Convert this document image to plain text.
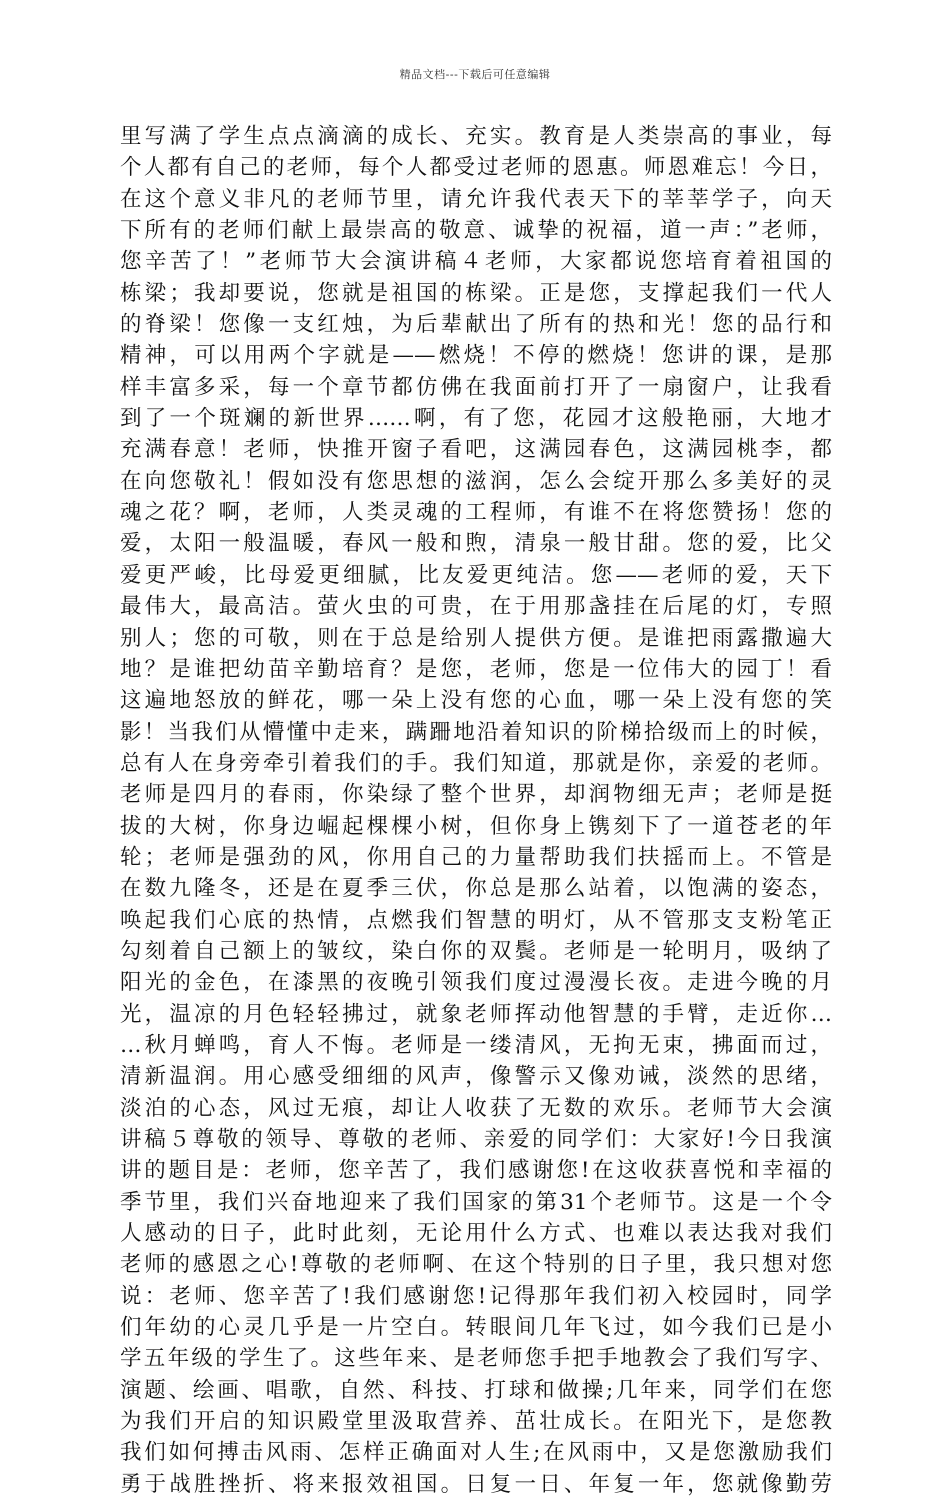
精品文档---下载后可任意编辑
里写满了学生点点滴滴的成长、充实。教育是人类崇高的事业，每
个人都有自己的老师，每个人都受过老师的恩惠。师恩难忘！今日，
在这个意义非凡的老师节里，请允许我代表天下的莘莘学子，向天
下所有的老师们献上最崇高的敬意、诚挚的祝福，道一声：”老师，
您辛苦了！”老师节大会演讲稿４老师，大家都说您培育着祖国的
栋梁；我却要说，您就是祖国的栋梁。正是您，支撑起我们一代人
的脊梁！您像一支红烛，为后辈献出了所有的热和光！您的品行和
精神，可以用两个字就是——燃烧！不停的燃烧！您讲的课，是那
样丰富多采，每一个章节都仿佛在我面前打开了一扇窗户，让我看
到了一个斑斓的新世界……啊，有了您，花园才这般艳丽，大地才
充满春意！老师，快推开窗子看吧，这满园春色，这满园桃李，都
在向您敬礼！假如没有您思想的滋润，怎么会绽开那么多美好的灵
魂之花？啊，老师，人类灵魂的工程师，有谁不在将您赞扬！您的
爱，太阳一般温暖，春风一般和煦，清泉一般甘甜。您的爱，比父
爱更严峻，比母爱更细腻，比友爱更纯洁。您——老师的爱，天下
最伟大，最高洁。萤火虫的可贵，在于用那盏挂在后尾的灯，专照
别人；您的可敬，则在于总是给别人提供方便。是谁把雨露撒遍大
地？是谁把幼苗辛勤培育？是您，老师，您是一位伟大的园丁！看
这遍地怒放的鲜花，哪一朵上没有您的心血，哪一朵上没有您的笑
影！当我们从懵懂中走来，蹒跚地沿着知识的阶梯拾级而上的时候，
总有人在身旁牵引着我们的手。我们知道，那就是你，亲爱的老师。
老师是四月的春雨，你染绿了整个世界，却润物细无声；老师是挺
拔的大树，你身边崛起棵棵小树，但你身上镌刻下了一道苍老的年
轮；老师是强劲的风，你用自己的力量帮助我们扶摇而上。不管是
在数九隆冬，还是在夏季三伏，你总是那么站着，以饱满的姿态，
唤起我们心底的热情，点燃我们智慧的明灯，从不管那支支粉笔正
勾刻着自己额上的皱纹，染白你的双鬓。老师是一轮明月，吸纳了
阳光的金色，在漆黑的夜晚引领我们度过漫漫长夜。走进今晚的月
光，温凉的月色轻轻拂过，就象老师挥动他智慧的手臂，走近你…
…秋月蝉鸣，育人不悔。老师是一缕清风，无拘无束，拂面而过，
清新温润。用心感受细细的风声，像警示又像劝诫，淡然的思绪，
淡泊的心态，风过无痕，却让人收获了无数的欢乐。老师节大会演
讲稿５尊敬的领导、尊敬的老师、亲爱的同学们：大家好!今日我演
讲的题目是：老师，您辛苦了，我们感谢您!在这收获喜悦和幸福的
季节里，我们兴奋地迎来了我们国家的第31个老师节。这是一个令
人感动的日子，此时此刻，无论用什么方式、也难以表达我对我们
老师的感恩之心!尊敬的老师啊、在这个特别的日子里，我只想对您
说：老师、您辛苦了!我们感谢您!记得那年我们初入校园时，同学
们年幼的心灵几乎是一片空白。转眼间几年飞过，如今我们已是小
学五年级的学生了。这些年来、是老师您手把手地教会了我们写字、
演题、绘画、唱歌，自然、科技、打球和做操;几年来，同学们在您
为我们开启的知识殿堂里汲取营养、茁壮成长。在阳光下，是您教
我们如何搏击风雨、怎样正确面对人生;在风雨中，又是您激励我们
勇于战胜挫折、将来报效祖国。日复一日、年复一年，您就像勤劳
